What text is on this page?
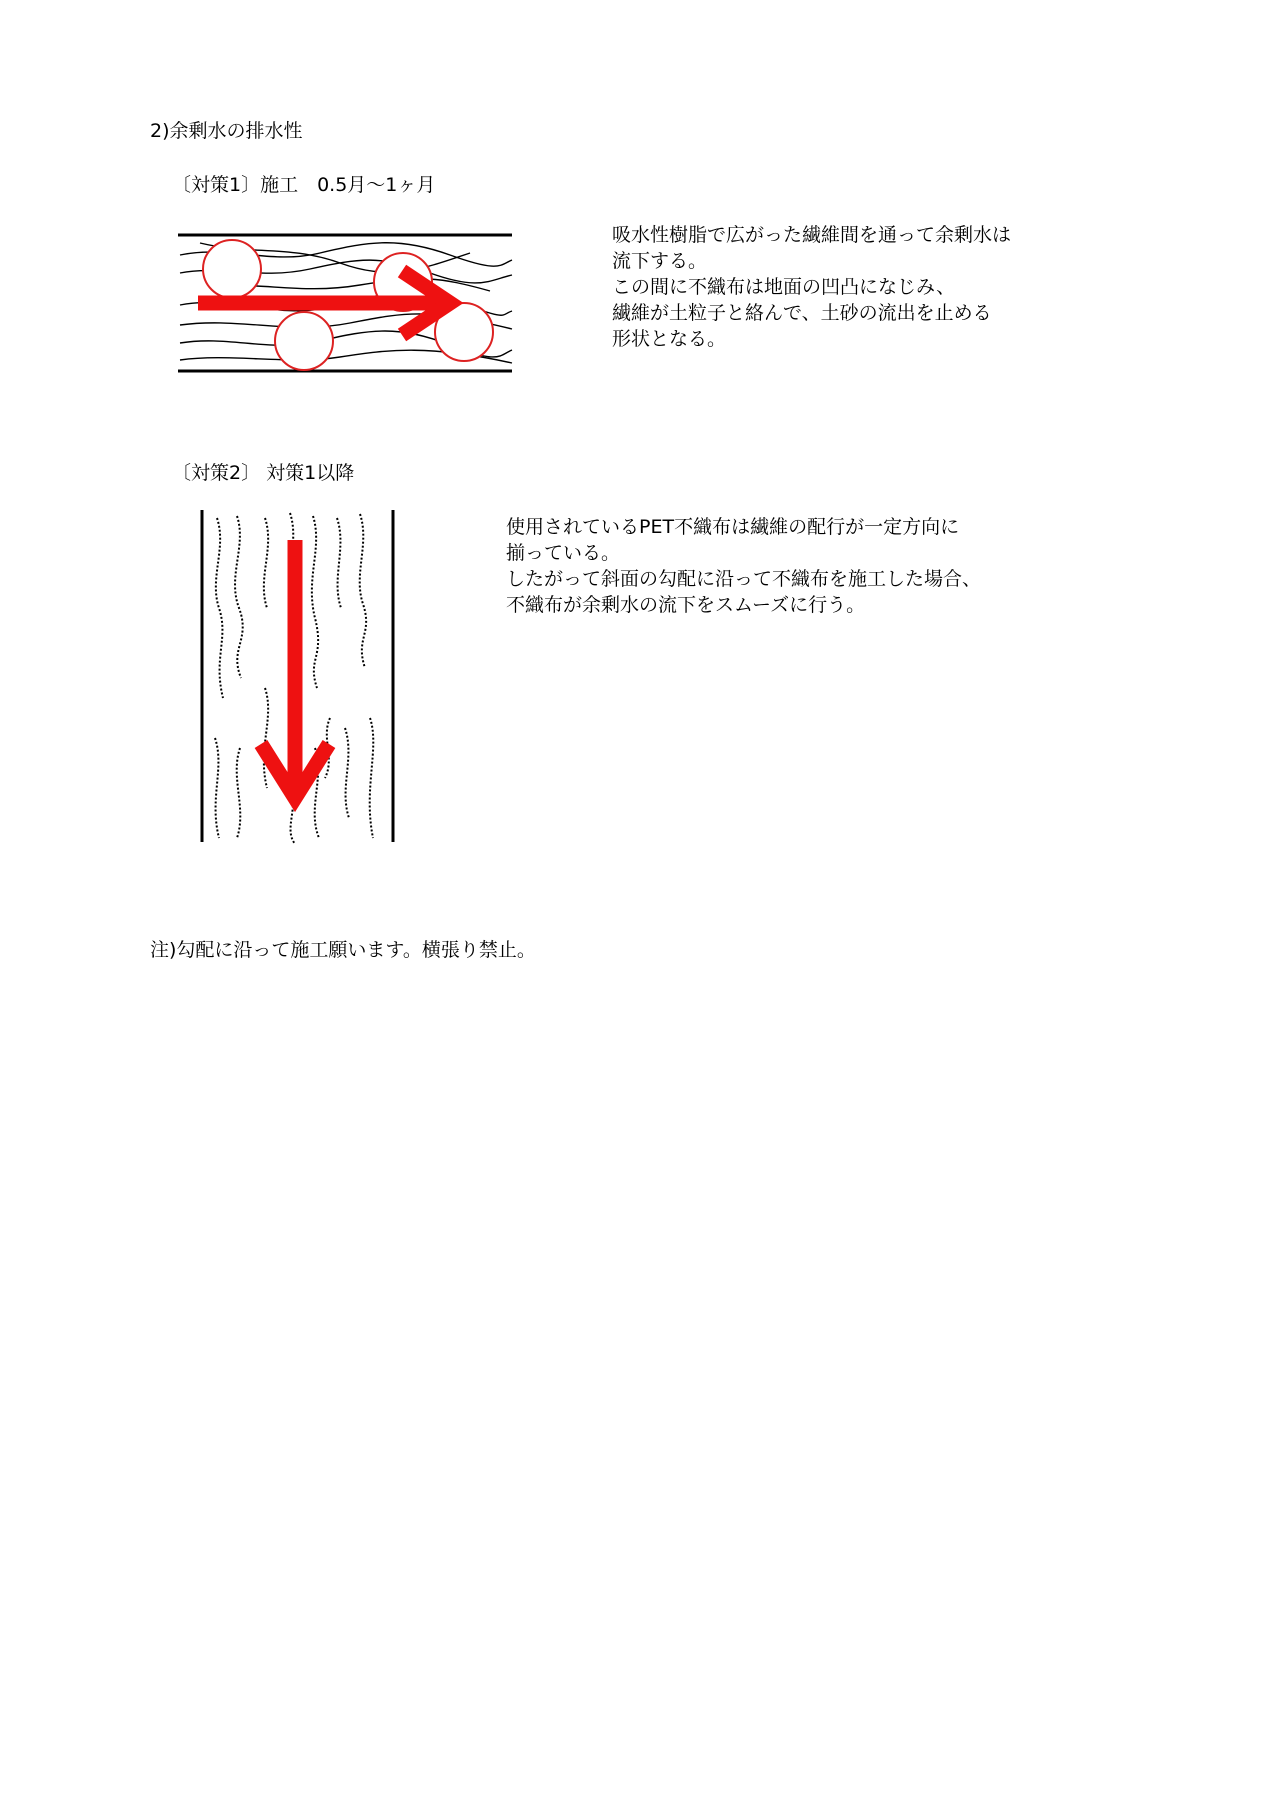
2)余剰水の排水性

〔対策1〕施工　0.5月〜1ヶ月

吸水性樹脂で広がった繊維間を通って余剰水は

流下する。

この間に不織布は地面の凹凸になじみ、

繊維が土粒子と絡んで、土砂の流出を止める

形状となる。

〔対策2〕 対策1以降

使用されているPET不織布は繊維の配行が一定方向に

揃っている。

したがって斜面の勾配に沿って不織布を施工した場合、

不織布が余剰水の流下をスムーズに行う。

注)勾配に沿って施工願います。横張り禁止。
